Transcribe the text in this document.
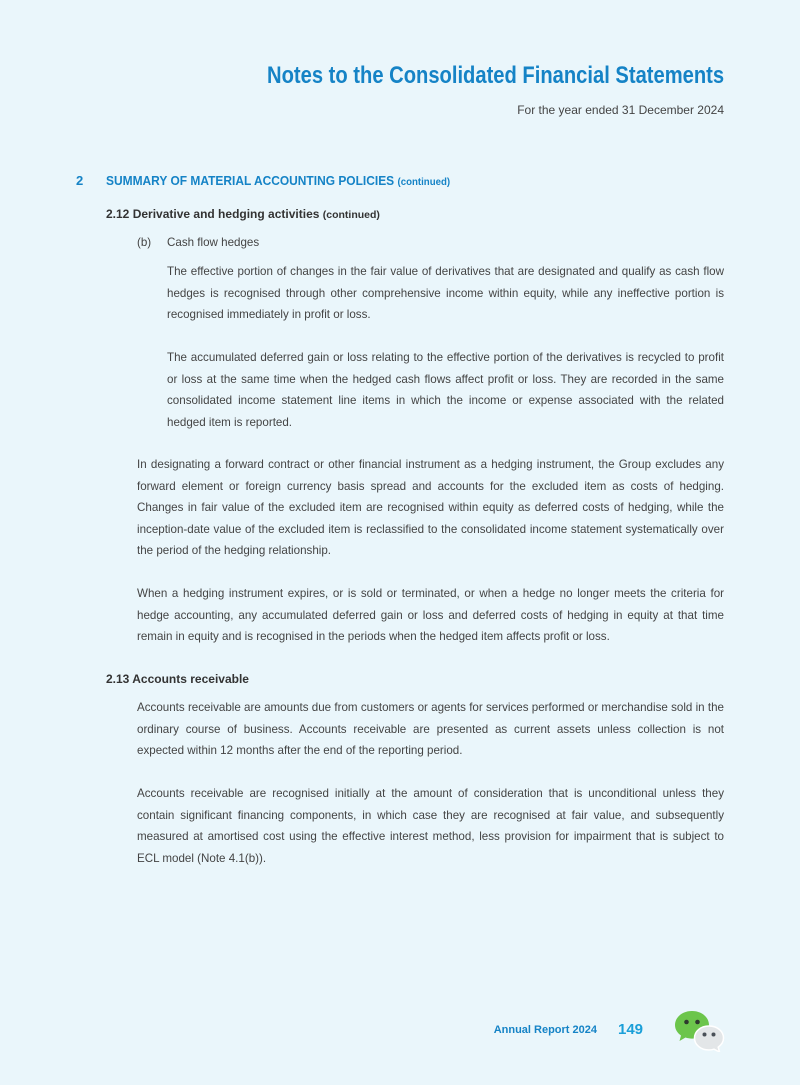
Notes to the Consolidated Financial Statements
For the year ended 31 December 2024
2 SUMMARY OF MATERIAL ACCOUNTING POLICIES (continued)
2.12 Derivative and hedging activities (continued)
(b) Cash flow hedges

The effective portion of changes in the fair value of derivatives that are designated and qualify as cash flow hedges is recognised through other comprehensive income within equity, while any ineffective portion is recognised immediately in profit or loss.

The accumulated deferred gain or loss relating to the effective portion of the derivatives is recycled to profit or loss at the same time when the hedged cash flows affect profit or loss. They are recorded in the same consolidated income statement line items in which the income or expense associated with the related hedged item is reported.

In designating a forward contract or other financial instrument as a hedging instrument, the Group excludes any forward element or foreign currency basis spread and accounts for the excluded item as costs of hedging. Changes in fair value of the excluded item are recognised within equity as deferred costs of hedging, while the inception-date value of the excluded item is reclassified to the consolidated income statement systematically over the period of the hedging relationship.

When a hedging instrument expires, or is sold or terminated, or when a hedge no longer meets the criteria for hedge accounting, any accumulated deferred gain or loss and deferred costs of hedging in equity at that time remain in equity and is recognised in the periods when the hedged item affects profit or loss.

2.13 Accounts receivable

Accounts receivable are amounts due from customers or agents for services performed or merchandise sold in the ordinary course of business. Accounts receivable are presented as current assets unless collection is not expected within 12 months after the end of the reporting period.

Accounts receivable are recognised initially at the amount of consideration that is unconditional unless they contain significant financing components, in which case they are recognised at fair value, and subsequently measured at amortised cost using the effective interest method, less provision for impairment that is subject to ECL model (Note 4.1(b)).

Annual Report 2024 149
